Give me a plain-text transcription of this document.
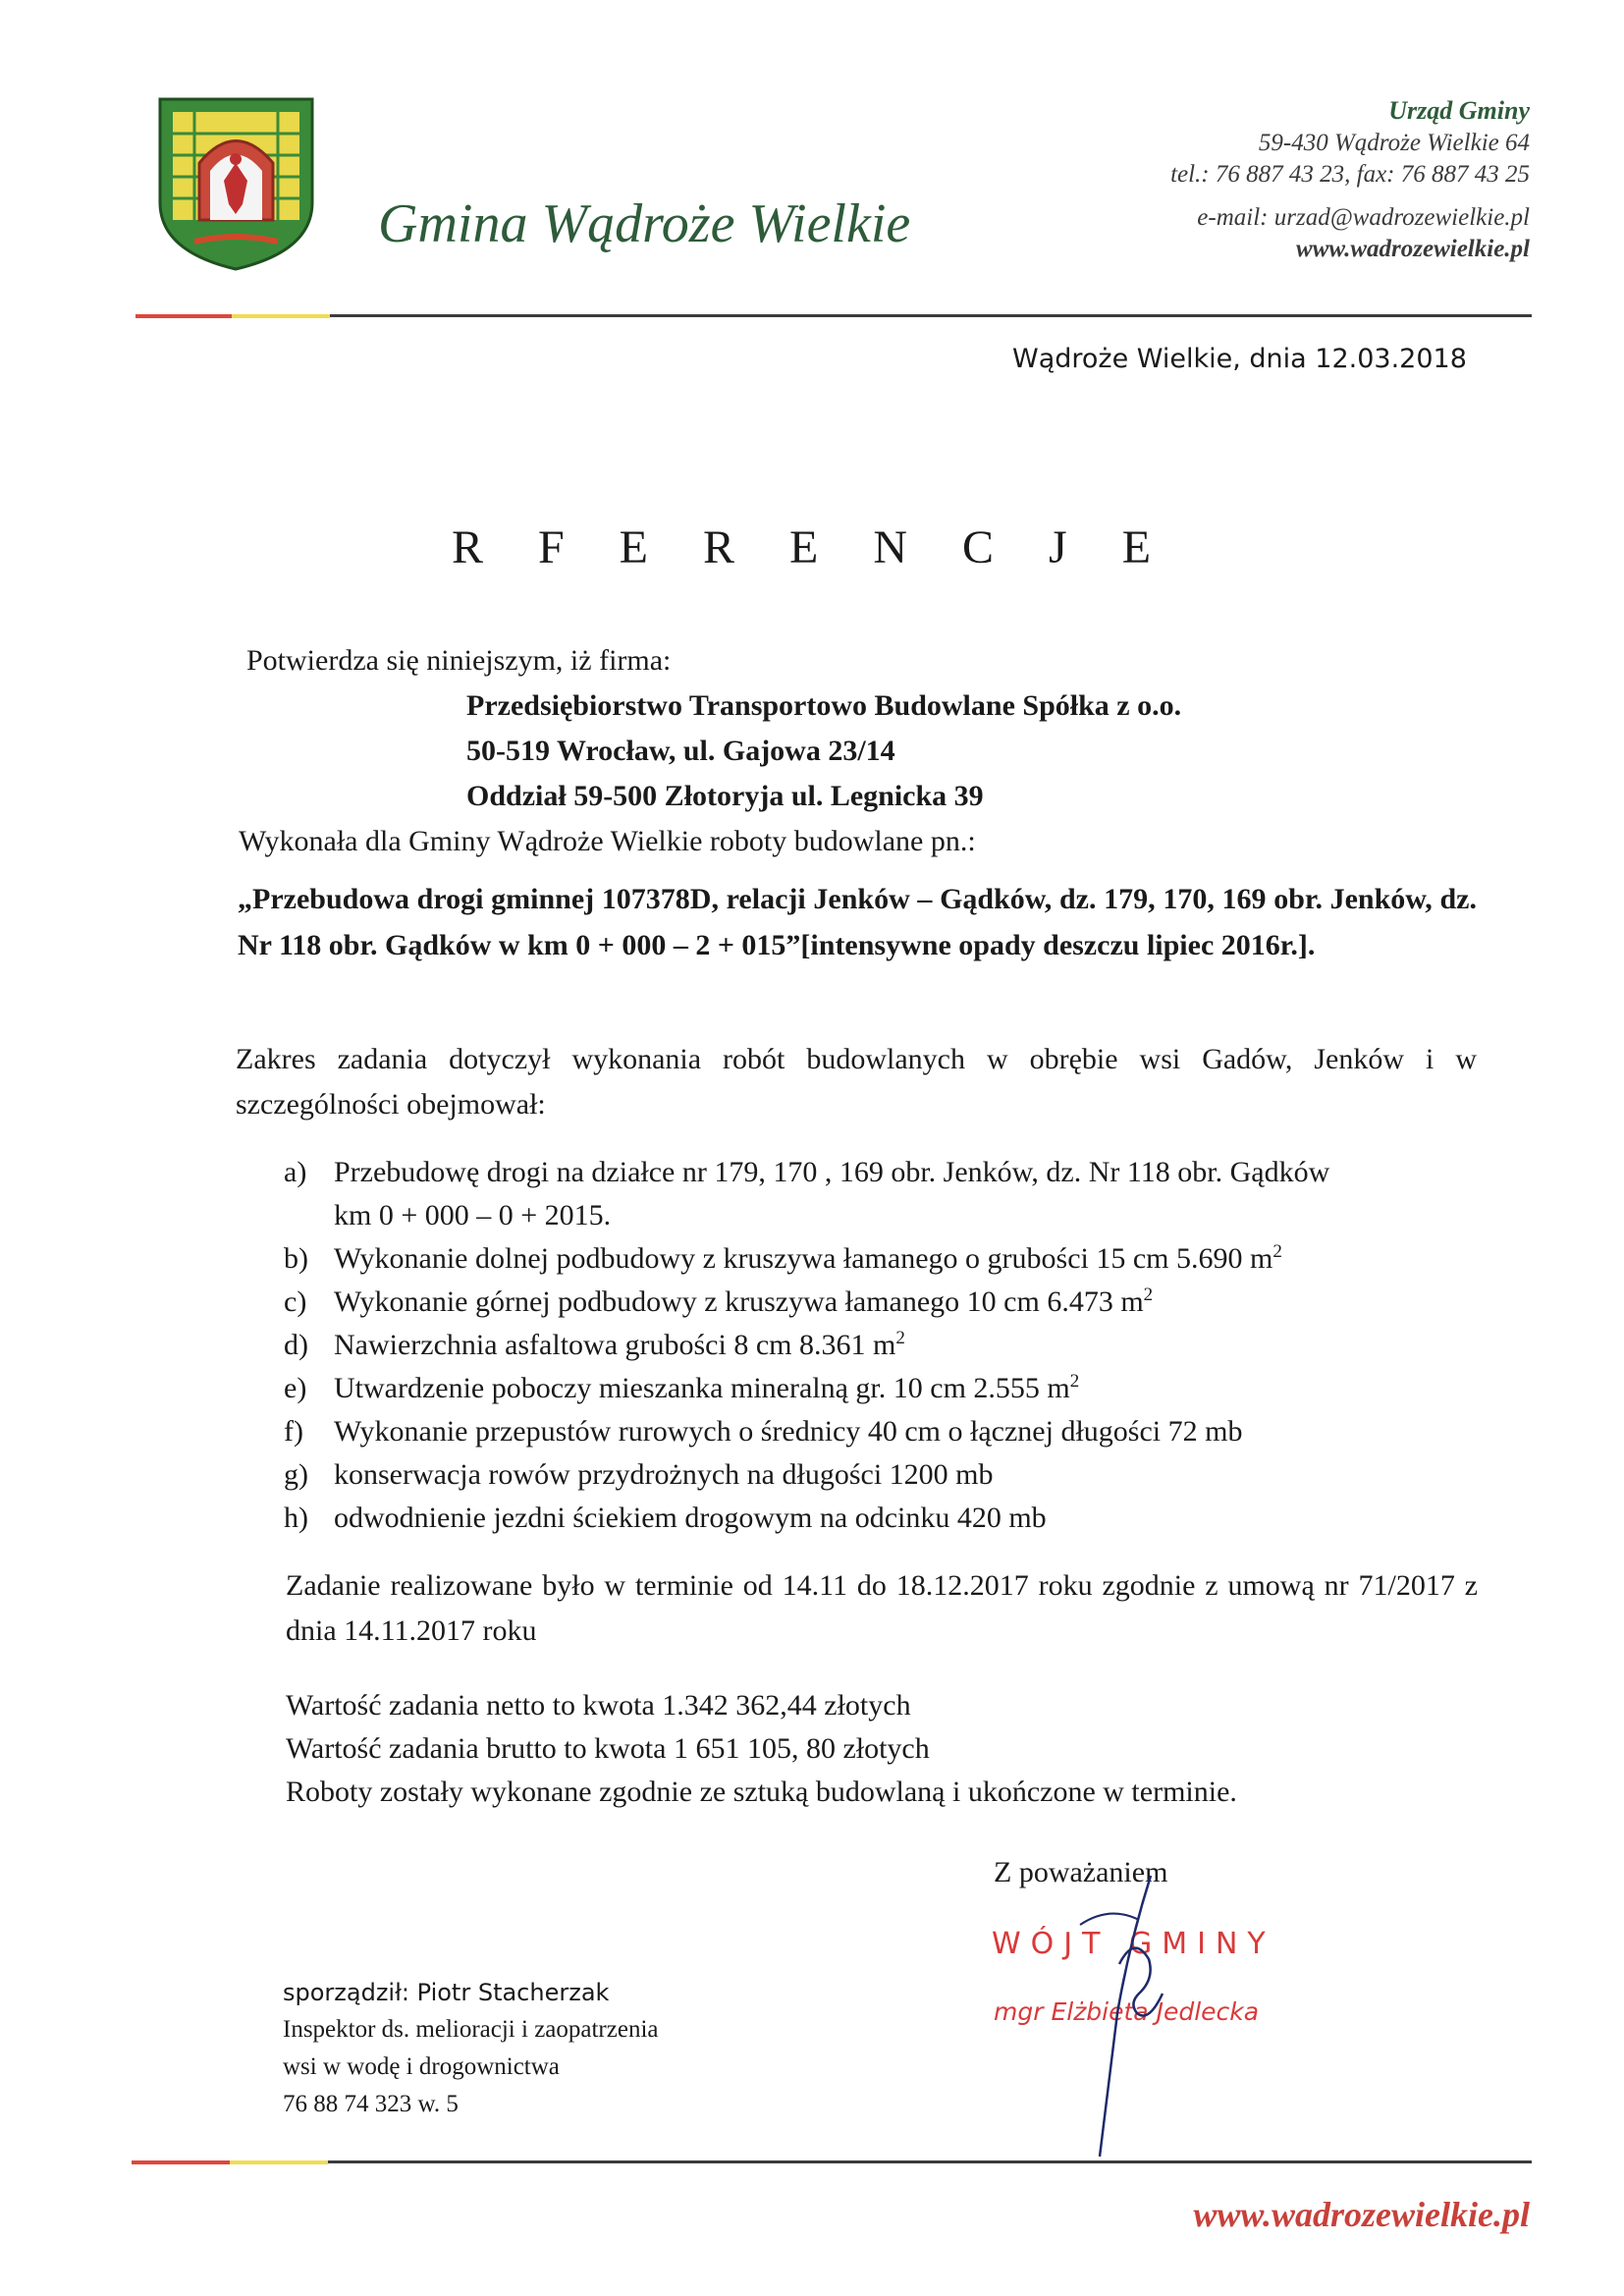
Gmina Wądroże Wielkie
Urząd Gminy
59-430 Wądroże Wielkie 64
tel.: 76 887 43 23, fax: 76 887 43 25
e-mail: urzad@wadrozewielkie.pl
www.wadrozewielkie.pl
Wądroże Wielkie, dnia 12.03.2018
R F E R E N C J E
Potwierdza się niniejszym, iż firma:
Przedsiębiorstwo Transportowo Budowlane Spółka z o.o.
50-519 Wrocław, ul. Gajowa 23/14
Oddział 59-500 Złotoryja ul. Legnicka 39
Wykonała dla Gminy Wądroże Wielkie roboty budowlane pn.:
„Przebudowa drogi gminnej 107378D, relacji Jenków – Gądków, dz. 179, 170, 169 obr. Jenków, dz. Nr 118 obr. Gądków w km 0 + 000 – 2 + 015”[intensywne opady deszczu lipiec 2016r.].
Zakres zadania dotyczył wykonania robót budowlanych w obrębie wsi Gadów, Jenków i w szczególności obejmował:
a) Przebudowę drogi na działce nr 179, 170 , 169 obr. Jenków, dz. Nr 118 obr. Gądków
km 0 + 000 – 0 + 2015.
b) Wykonanie dolnej podbudowy z kruszywa łamanego o grubości 15 cm 5.690 $m^2$
c) Wykonanie górnej podbudowy z kruszywa łamanego 10 cm 6.473 $m^2$
d) Nawierzchnia asfaltowa grubości 8 cm 8.361 $m^2$
e) Utwardzenie poboczy mieszanka mineralną gr. 10 cm 2.555 $m^2$
f)	Wykonanie przepustów rurowych o średnicy 40 cm o łącznej długości 72 mb
g) konserwacja rowów przydrożnych na długości 1200 mb
h) odwodnienie jezdni ściekiem drogowym na odcinku 420 mb
Zadanie realizowane było w terminie od 14.11 do 18.12.2017 roku zgodnie z umową nr 71/2017 z dnia 14.11.2017 roku
Wartość zadania netto to kwota 1.342 362,44 złotych
Wartość zadania brutto to kwota 1 651 105, 80 złotych
Roboty zostały wykonane zgodnie ze sztuką budowlaną i ukończone w terminie.
Z poważaniem
WÓJT GMINY
mgr Elżbieta Jedlecka
sporządził: Piotr Stacherzak
Inspektor ds. melioracji i zaopatrzenia
wsi w wodę i drogownictwa
76 88 74 323 w. 5
www.wadrozewielkie.pl
